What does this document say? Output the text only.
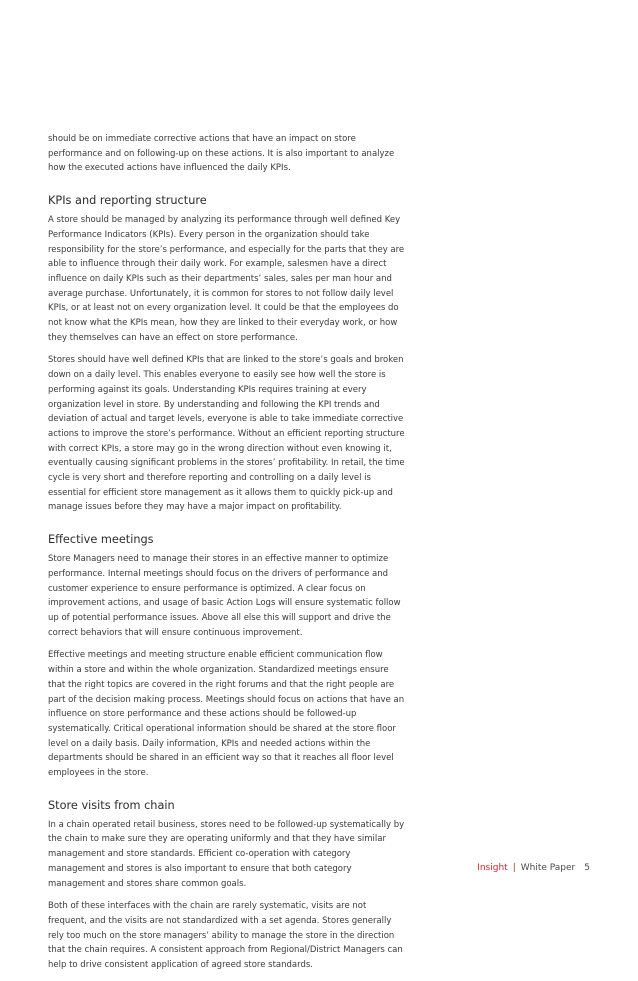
should be on immediate corrective actions that have an impact on store performance and on following-up on these actions. It is also important to analyze how the executed actions have influenced the daily KPIs.

KPIs and reporting structure

A store should be managed by analyzing its performance through well defined Key Performance Indicators (KPIs). Every person in the organization should take responsibility for the store’s performance, and especially for the parts that they are able to influence through their daily work. For example, salesmen have a direct influence on daily KPIs such as their departments’ sales, sales per man hour and average purchase. Unfortunately, it is common for stores to not follow daily level KPIs, or at least not on every organization level. It could be that the employees do not know what the KPIs mean, how they are linked to their everyday work, or how they themselves can have an effect on store performance.

Stores should have well defined KPIs that are linked to the store’s goals and broken down on a daily level. This enables everyone to easily see how well the store is performing against its goals. Understanding KPIs requires training at every organization level in store. By understanding and following the KPI trends and deviation of actual and target levels, everyone is able to take immediate corrective actions to improve the store’s performance. Without an efficient reporting structure with correct KPIs, a store may go in the wrong direction without even knowing it, eventually causing significant problems in the stores’ profitability. In retail, the time cycle is very short and therefore reporting and controlling on a daily level is essential for efficient store management as it allows them to quickly pick-up and manage issues before they may have a major impact on profitability.

Effective meetings

Store Managers need to manage their stores in an effective manner to optimize performance. Internal meetings should focus on the drivers of performance and customer experience to ensure performance is optimized. A clear focus on improvement actions, and usage of basic Action Logs will ensure systematic follow up of potential performance issues. Above all else this will support and drive the correct behaviors that will ensure continuous improvement.

Effective meetings and meeting structure enable efficient communication flow within a store and within the whole organization. Standardized meetings ensure that the right topics are covered in the right forums and that the right people are part of the decision making process. Meetings should focus on actions that have an influence on store performance and these actions should be followed-up systematically. Critical operational information should be shared at the store floor level on a daily basis. Daily information, KPIs and needed actions within the departments should be shared in an efficient way so that it reaches all floor level employees in the store.

Store visits from chain

In a chain operated retail business, stores need to be followed-up systematically by the chain to make sure they are operating uniformly and that they have similar management and store standards. Efficient co-operation with category management and stores is also important to ensure that both category management and stores share common goals.

Both of these interfaces with the chain are rarely systematic, visits are not frequent, and the visits are not standardized with a set agenda. Stores generally rely too much on the store managers’ ability to manage the store in the direction that the chain requires. A consistent approach from Regional/District Managers can help to drive consistent application of agreed store standards.

Insight | White Paper 5
